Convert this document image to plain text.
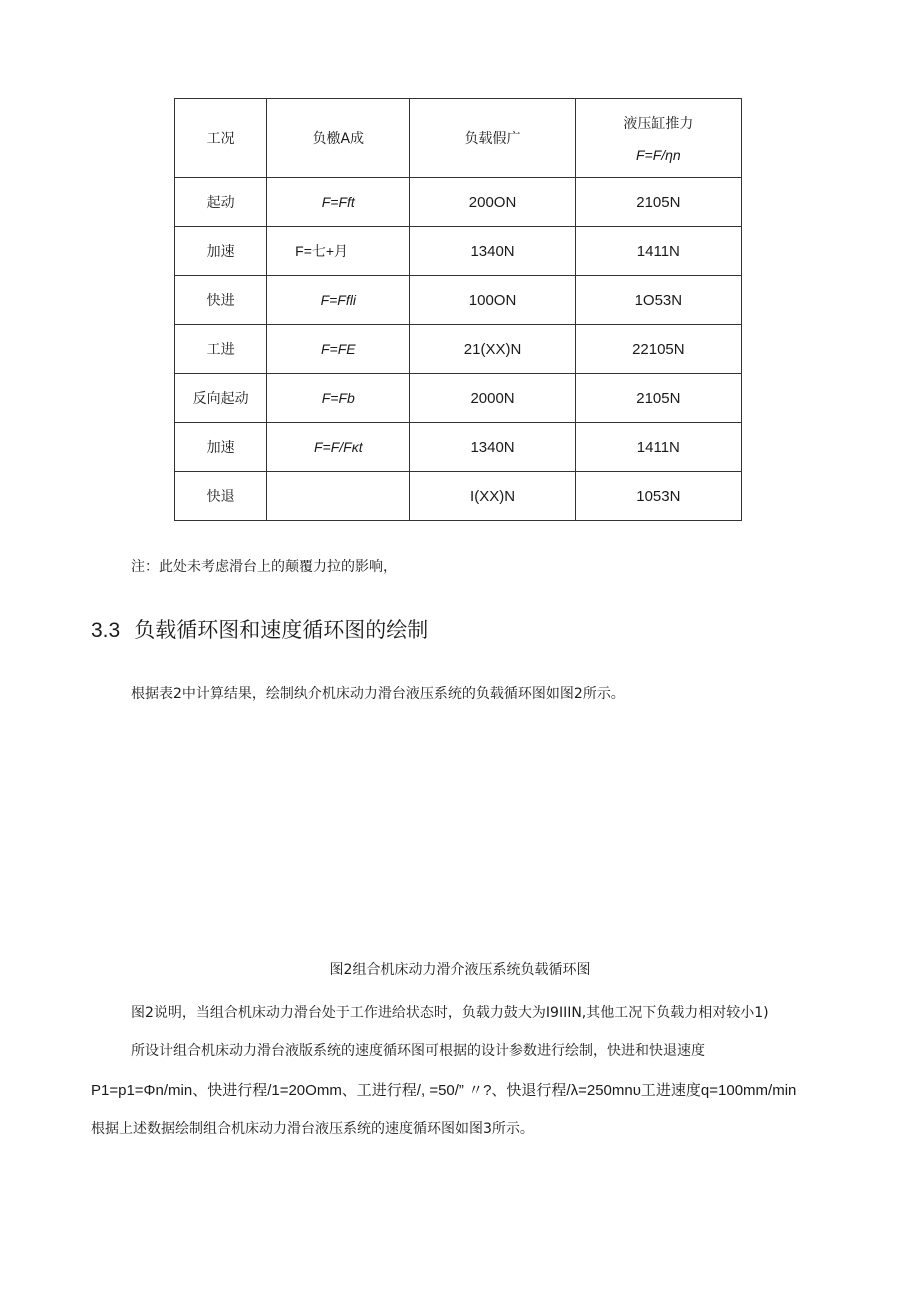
工况	负檄A成	负载假广	液压缸推力
F=F/ηn

起动	F=Fft	200ON	2105N
加速	F=七+月	1340N	1411N
快进	F=Ffli	100ON	1O53N
工进	F=FE	21(XX)N	22105N
反向起动	F=Fb	2000N	2105N
加速	F=F/Fκt	1340N	1411N
快退		I(XX)N	1053N
注：此处未考虑滑台上的颠覆力拉的影响，
3.3 负载循环图和速度循环图的绘制
根据表2中计算结果，绘制纨介机床动力滑台液压系统的负载循环图如图2所示。
图2组合机床动力滑介液压系统负载循环图
图2说明，当组合机床动力滑台处于工作进给状态时，负载力鼓大为I9IIIN,其他工况下负载力相对较小1)
所设计组合机床动力滑台液版系统的速度循环图可根据的设计参数进行绘制，快进和快退速度
P1=p1=Φn/min、快进行程/1=20Omm、工进行程/, =50/” 〃?、快退行程/λ=250mnυ工进速度q=100mm/min
根据上述数据绘制组合机床动力滑台液压系统的速度循环图如图3所示。
